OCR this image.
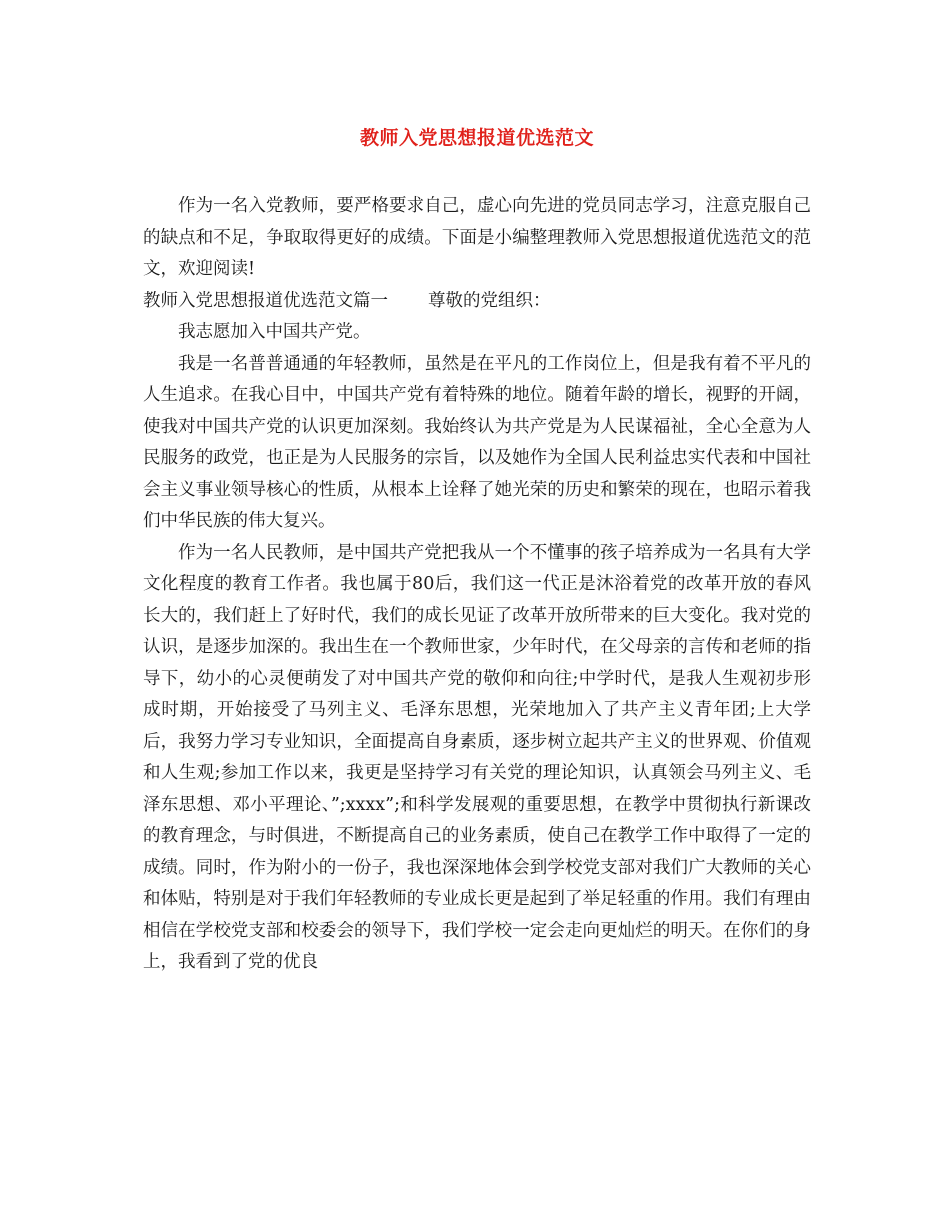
教师入党思想报道优选范文

作为一名入党教师，要严格要求自己，虚心向先进的党员同志学习，注意克服自己的缺点和不足，争取取得更好的成绩。下面是小编整理教师入党思想报道优选范文的范文，欢迎阅读!

教师入党思想报道优选范文篇一 尊敬的党组织：

我志愿加入中国共产党。

我是一名普普通通的年轻教师，虽然是在平凡的工作岗位上，但是我有着不平凡的人生追求。在我心目中，中国共产党有着特殊的地位。随着年龄的增长，视野的开阔，使我对中国共产党的认识更加深刻。我始终认为共产党是为人民谋福祉，全心全意为人民服务的政党，也正是为人民服务的宗旨，以及她作为全国人民利益忠实代表和中国社会主义事业领导核心的性质，从根本上诠释了她光荣的历史和繁荣的现在，也昭示着我们中华民族的伟大复兴。

作为一名人民教师，是中国共产党把我从一个不懂事的孩子培养成为一名具有大学文化程度的教育工作者。我也属于80后，我们这一代正是沐浴着党的改革开放的春风长大的，我们赶上了好时代，我们的成长见证了改革开放所带来的巨大变化。我对党的认识，是逐步加深的。我出生在一个教师世家，少年时代，在父母亲的言传和老师的指导下，幼小的心灵便萌发了对中国共产党的敬仰和向往;中学时代，是我人生观初步形成时期，开始接受了马列主义、毛泽东思想，光荣地加入了共产主义青年团;上大学后，我努力学习专业知识，全面提高自身素质，逐步树立起共产主义的世界观、价值观和人生观;参加工作以来，我更是坚持学习有关党的理论知识，认真领会马列主义、毛泽东思想、邓小平理论、”;xxxx”;和科学发展观的重要思想，在教学中贯彻执行新课改的教育理念，与时俱进，不断提高自己的业务素质，使自己在教学工作中取得了一定的成绩。同时，作为附小的一份子，我也深深地体会到学校党支部对我们广大教师的关心和体贴，特别是对于我们年轻教师的专业成长更是起到了举足轻重的作用。我们有理由相信在学校党支部和校委会的领导下，我们学校一定会走向更灿烂的明天。在你们的身上，我看到了党的优良
